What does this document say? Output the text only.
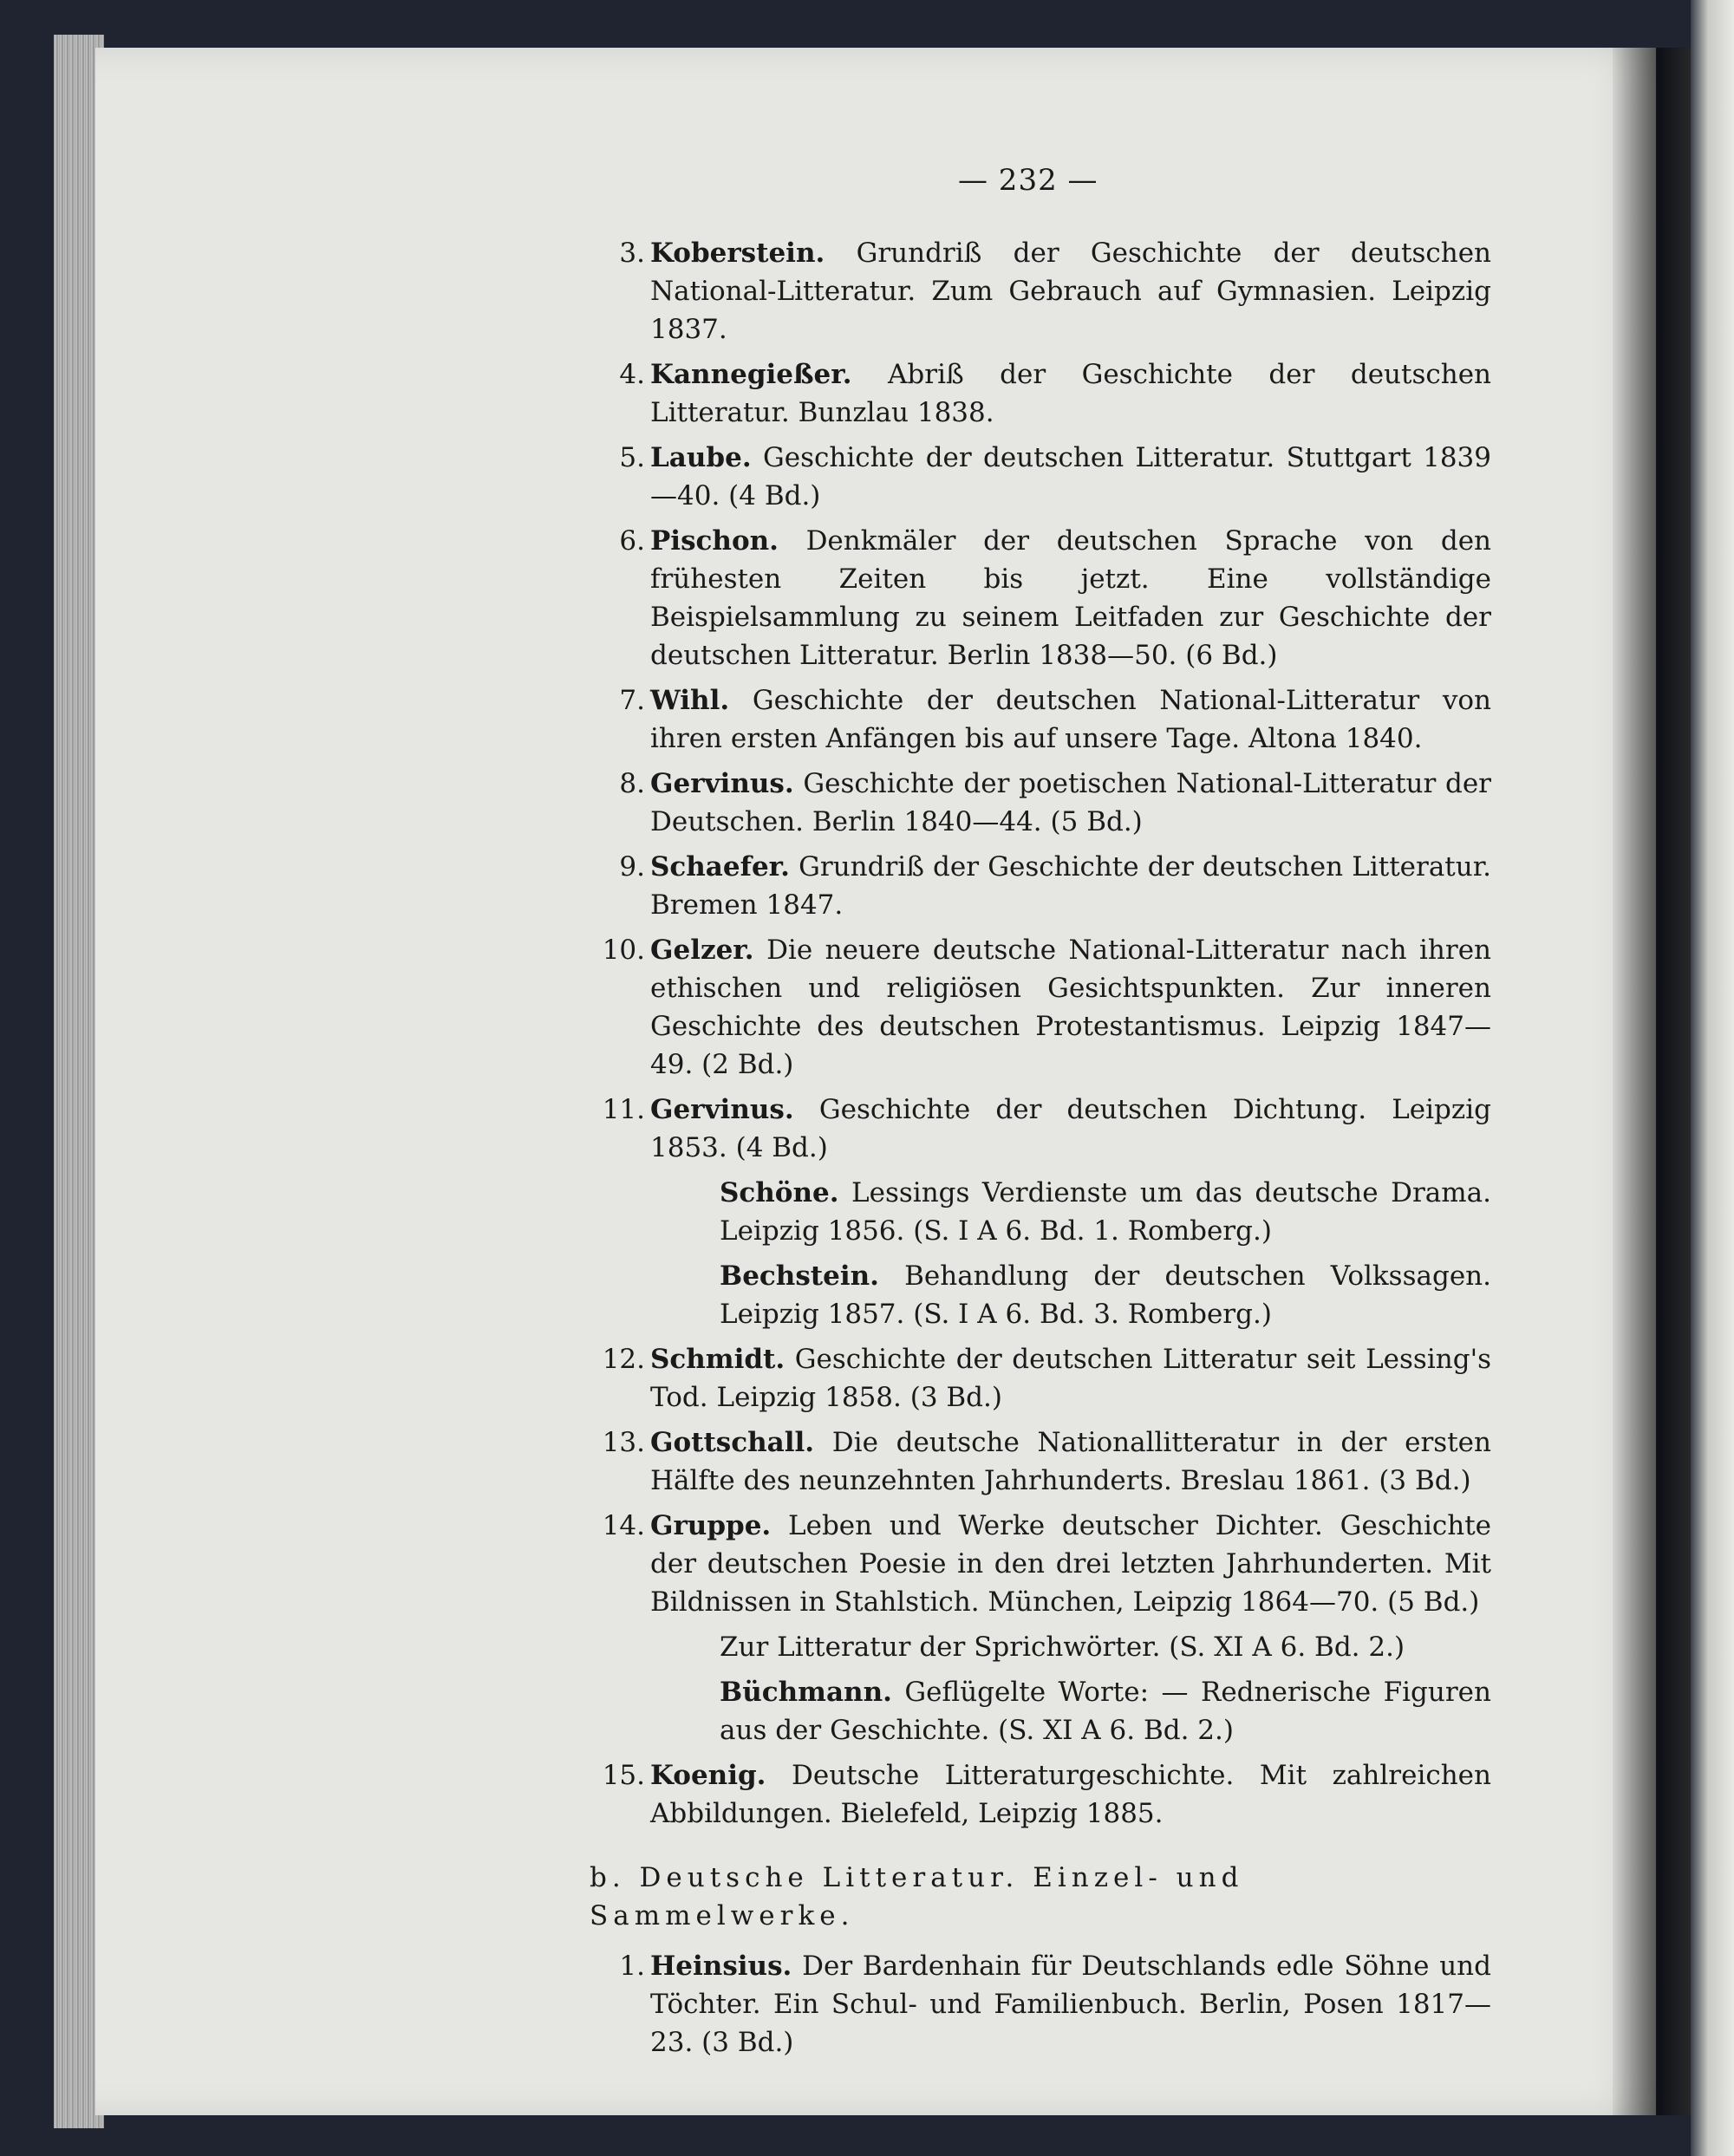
— 232 —
3. Koberstein. Grundriß der Geschichte der deutschen National-Litteratur. Zum Gebrauch auf Gymnasien. Leipzig 1837.
4. Kannegießer. Abriß der Geschichte der deutschen Litteratur. Bunzlau 1838.
5. Laube. Geschichte der deutschen Litteratur. Stuttgart 1839—40. (4 Bd.)
6. Pischon. Denkmäler der deutschen Sprache von den frühesten Zeiten bis jetzt. Eine vollständige Beispielsammlung zu seinem Leitfaden zur Geschichte der deutschen Litteratur. Berlin 1838—50. (6 Bd.)
7. Wihl. Geschichte der deutschen National-Litteratur von ihren ersten Anfängen bis auf unsere Tage. Altona 1840.
8. Gervinus. Geschichte der poetischen National-Litteratur der Deutschen. Berlin 1840—44. (5 Bd.)
9. Schaefer. Grundriß der Geschichte der deutschen Litteratur. Bremen 1847.
10. Gelzer. Die neuere deutsche National-Litteratur nach ihren ethischen und religiösen Gesichtspunkten. Zur inneren Geschichte des deutschen Protestantismus. Leipzig 1847—49. (2 Bd.)
11. Gervinus. Geschichte der deutschen Dichtung. Leipzig 1853. (4 Bd.)
Schöne. Lessings Verdienste um das deutsche Drama. Leipzig 1856. (S. I A 6. Bd. 1. Romberg.)
Bechstein. Behandlung der deutschen Volkssagen. Leipzig 1857. (S. I A 6. Bd. 3. Romberg.)
12. Schmidt. Geschichte der deutschen Litteratur seit Lessing's Tod. Leipzig 1858. (3 Bd.)
13. Gottschall. Die deutsche Nationallitteratur in der ersten Hälfte des neunzehnten Jahrhunderts. Breslau 1861. (3 Bd.)
14. Gruppe. Leben und Werke deutscher Dichter. Geschichte der deutschen Poesie in den drei letzten Jahrhunderten. Mit Bildnissen in Stahlstich. München, Leipzig 1864—70. (5 Bd.)
Zur Litteratur der Sprichwörter. (S. XI A 6. Bd. 2.)
Büchmann. Geflügelte Worte: — Rednerische Figuren aus der Geschichte. (S. XI A 6. Bd. 2.)
15. Koenig. Deutsche Litteraturgeschichte. Mit zahlreichen Abbildungen. Bielefeld, Leipzig 1885.
b. Deutsche Litteratur. Einzel- und Sammelwerke.
1. Heinsius. Der Bardenhain für Deutschlands edle Söhne und Töchter. Ein Schul- und Familienbuch. Berlin, Posen 1817—23. (3 Bd.)
